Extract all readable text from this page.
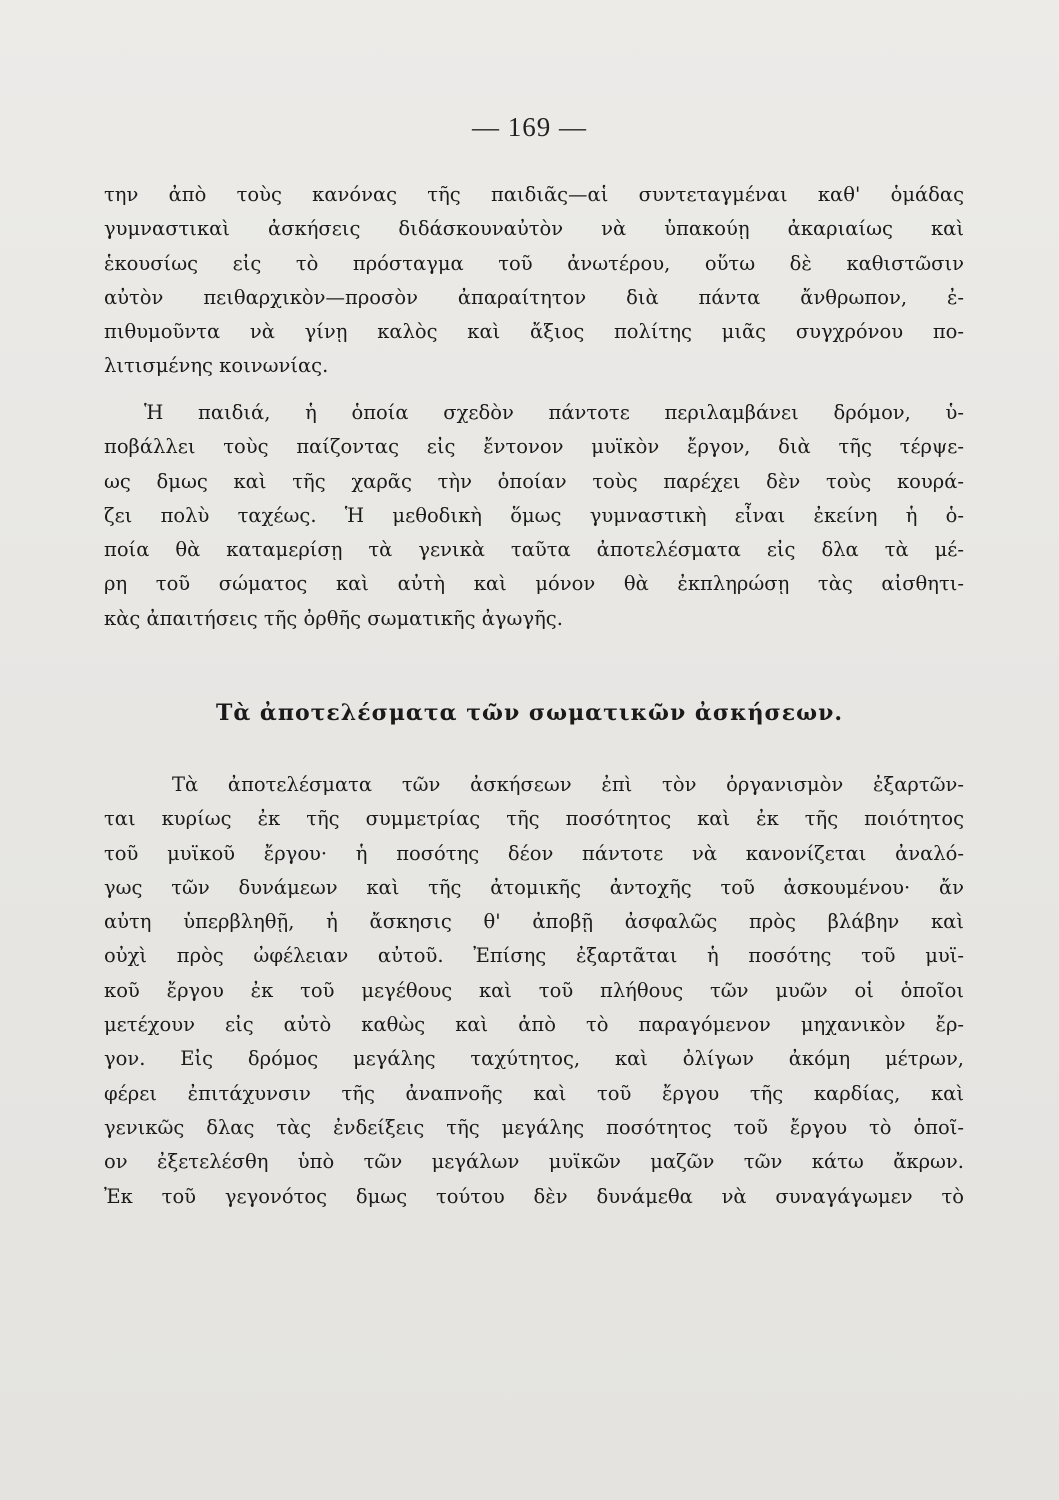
— 169 —
την ἀπὸ τοὺς κανόνας τῆς παιδιᾶς—αἱ συντεταγμέναι καθ' ὁμάδας
γυμναστικαὶ ἀσκήσεις διδάσκουναὐτὸν νὰ ὑπακούῃ ἀκαριαίως καὶ
ἑκουσίως εἰς τὸ πρόσταγμα τοῦ ἀνωτέρου, οὕτω δὲ καθιστῶσιν
αὐτὸν πειθαρχικὸν—προσὸν ἀπαραίτητον διὰ πάντα ἄνθρωπον, ἐ-
πιθυμοῦντα νὰ γίνῃ καλὸς καὶ ἄξιος πολίτης μιᾶς συγχρόνου πο-
λιτισμένης κοινωνίας.
Ἡ παιδιά, ἡ ὁποία σχεδὸν πάντοτε περιλαμβάνει δρόμον, ὑ-
ποβάλλει τοὺς παίζοντας εἰς ἔντονον μυϊκὸν ἔργον, διὰ τῆς τέρψε-
ως δμως καὶ τῆς χαρᾶς τὴν ὁποίαν τοὺς παρέχει δὲν τοὺς κουρά-
ζει πολὺ ταχέως. Ἡ μεθοδικὴ ὅμως γυμναστικὴ εἶναι ἐκείνη ἡ ὁ-
ποία θὰ καταμερίσῃ τὰ γενικὰ ταῦτα ἀποτελέσματα εἰς δλα τὰ μέ-
ρη τοῦ σώματος καὶ αὐτὴ καὶ μόνον θὰ ἐκπληρώσῃ τὰς αἰσθητι-
κὰς ἀπαιτήσεις τῆς ὀρθῆς σωματικῆς ἀγωγῆς.
Τὰ ἀποτελέσματα τῶν σωματικῶν ἀσκήσεων.
Τὰ ἀποτελέσματα τῶν ἀσκήσεων ἐπὶ τὸν ὀργανισμὸν ἐξαρτῶν-
ται κυρίως ἐκ τῆς συμμετρίας τῆς ποσότητος καὶ ἐκ τῆς ποιότητος
τοῦ μυϊκοῦ ἔργου· ἡ ποσότης δέον πάντοτε νὰ κανονίζεται ἀναλό-
γως τῶν δυνάμεων καὶ τῆς ἀτομικῆς ἀντοχῆς τοῦ ἀσκουμένου· ἄν
αὐτη ὑπερβληθῇ, ἡ ἄσκησις θ' ἀποβῇ ἀσφαλῶς πρὸς βλάβην καὶ
οὐχὶ πρὸς ὠφέλειαν αὐτοῦ. Ἐπίσης ἐξαρτᾶται ἡ ποσότης τοῦ μυϊ-
κοῦ ἔργου ἐκ τοῦ μεγέθους καὶ τοῦ πλήθους τῶν μυῶν οἱ ὁποῖοι
μετέχουν εἰς αὐτὸ καθὼς καὶ ἀπὸ τὸ παραγόμενον μηχανικὸν ἔρ-
γον. Εἰς δρόμος μεγάλης ταχύτητος, καὶ ὀλίγων ἀκόμη μέτρων,
φέρει ἐπιτάχυνσιν τῆς ἀναπνοῆς καὶ τοῦ ἔργου τῆς καρδίας, καὶ
γενικῶς δλας τὰς ἐνδείξεις τῆς μεγάλης ποσότητος τοῦ ἔργου τὸ ὁποῖ-
ον ἐξετελέσθη ὑπὸ τῶν μεγάλων μυϊκῶν μαζῶν τῶν κάτω ἄκρων.
Ἐκ τοῦ γεγονότος δμως τούτου δὲν δυνάμεθα νὰ συναγάγωμεν τὸ
